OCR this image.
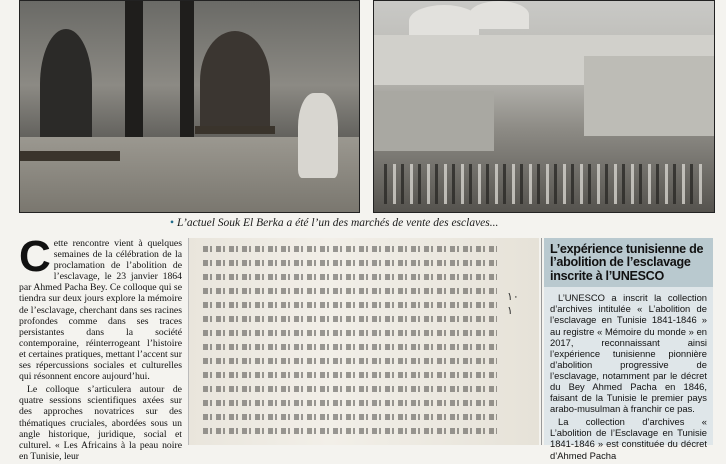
• L’actuel Souk El Berka a été l’un des marchés de vente des esclaves...
C ette rencontre vient à quelques semaines de la célébration de la proclamation de l’abolition de l’esclavage, le 23 janvier 1864 par Ahmed Pacha Bey. Ce colloque qui se tiendra sur deux jours explore la mémoire de l’esclavage, cherchant dans ses racines profondes comme dans ses traces persistantes dans la société contemporaine, réinterrogeant l’histoire et certaines pratiques, mettant l’accent sur ses répercussions sociales et culturelles qui résonnent encore aujourd’hui.

Le colloque s’articulera autour de quatre sessions scientifiques axées sur des approches novatrices sur des thématiques cruciales, abordées sous un angle historique, juridique, social et culturel. « Les Africains à la peau noire en Tunisie, leur

١٠
١
L’expérience tunisienne de l’abolition de l’esclavage inscrite à l’UNESCO

L’UNESCO a inscrit la collection d’archives intitulée « L’abolition de l’esclavage en Tunisie 1841-1846 » au registre « Mémoire du monde » en 2017, reconnaissant ainsi l’expérience tunisienne pionnière d’abolition progressive de l’esclavage, notamment par le décret du Bey Ahmed Pacha en 1846, faisant de la Tunisie le premier pays arabo-musulman à franchir ce pas.

La collection d’archives « L’abolition de l’Esclavage en Tunisie 1841-1846 » est constituée du décret d’Ahmed Pacha
